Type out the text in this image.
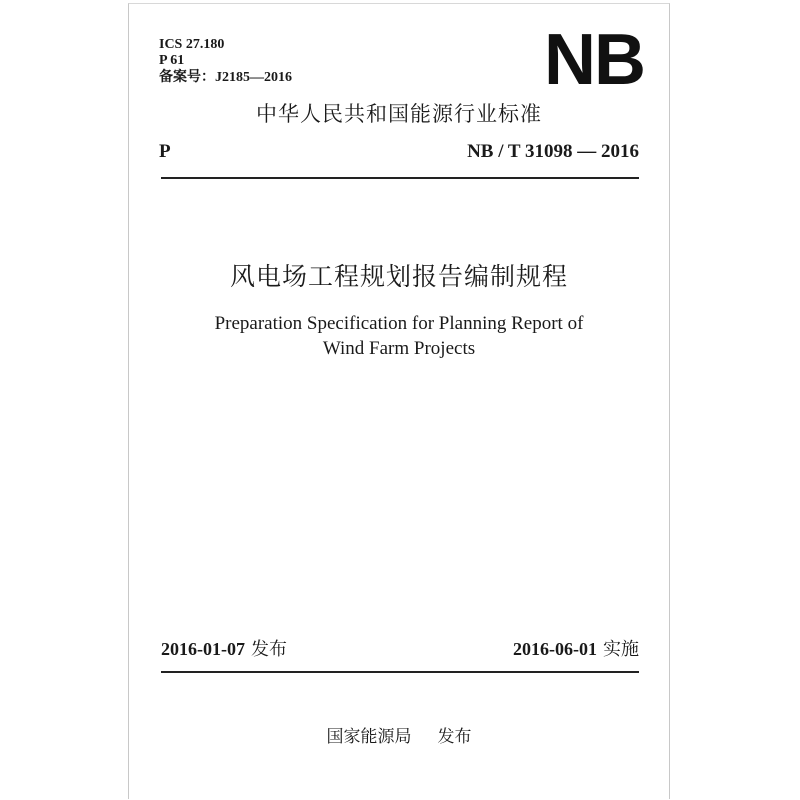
ICS 27.180
P 61
备案号：J2185—2016	NB
中华人民共和国能源行业标准
P	NB / T 31098 — 2016
风电场工程规划报告编制规程
Preparation Specification for Planning Report of
Wind Farm Projects
2016-01-07 发布	2016-06-01 实施
国家能源局 发布
